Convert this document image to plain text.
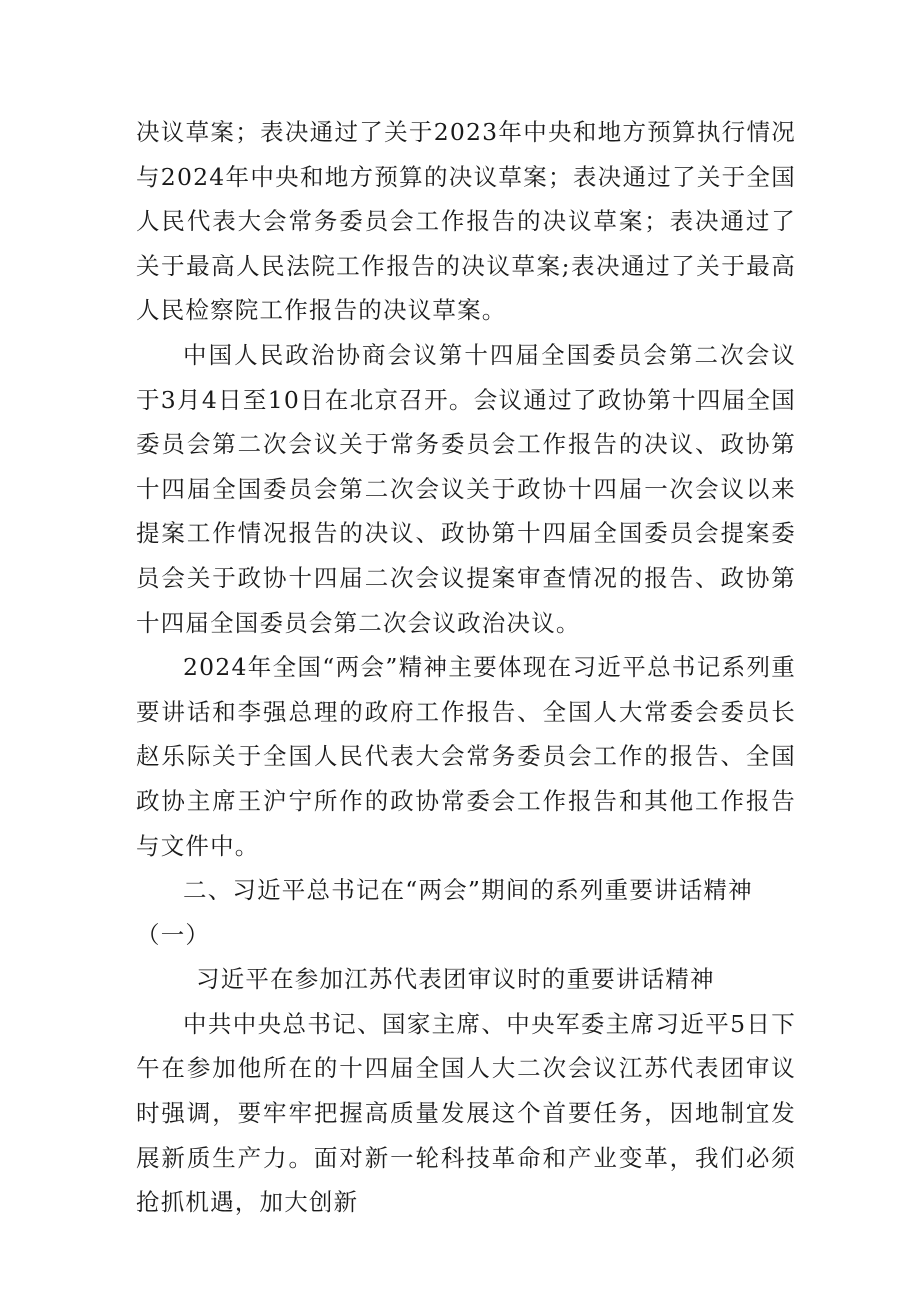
决议草案；表决通过了关于2023年中央和地方预算执行情况与2024年中央和地方预算的决议草案；表决通过了关于全国人民代表大会常务委员会工作报告的决议草案；表决通过了关于最高人民法院工作报告的决议草案;表决通过了关于最高人民检察院工作报告的决议草案。

中国人民政治协商会议第十四届全国委员会第二次会议于3月4日至10日在北京召开。会议通过了政协第十四届全国委员会第二次会议关于常务委员会工作报告的决议、政协第十四届全国委员会第二次会议关于政协十四届一次会议以来提案工作情况报告的决议、政协第十四届全国委员会提案委员会关于政协十四届二次会议提案审查情况的报告、政协第十四届全国委员会第二次会议政治决议。

2024年全国“两会”精神主要体现在习近平总书记系列重要讲话和李强总理的政府工作报告、全国人大常委会委员长赵乐际关于全国人民代表大会常务委员会工作的报告、全国政协主席王沪宁所作的政协常委会工作报告和其他工作报告与文件中。

二、习近平总书记在“两会”期间的系列重要讲话精神（一）
习近平在参加江苏代表团审议时的重要讲话精神

中共中央总书记、国家主席、中央军委主席习近平5日下午在参加他所在的十四届全国人大二次会议江苏代表团审议时强调，要牢牢把握高质量发展这个首要任务，因地制宜发展新质生产力。面对新一轮科技革命和产业变革，我们必须抢抓机遇，加大创新
